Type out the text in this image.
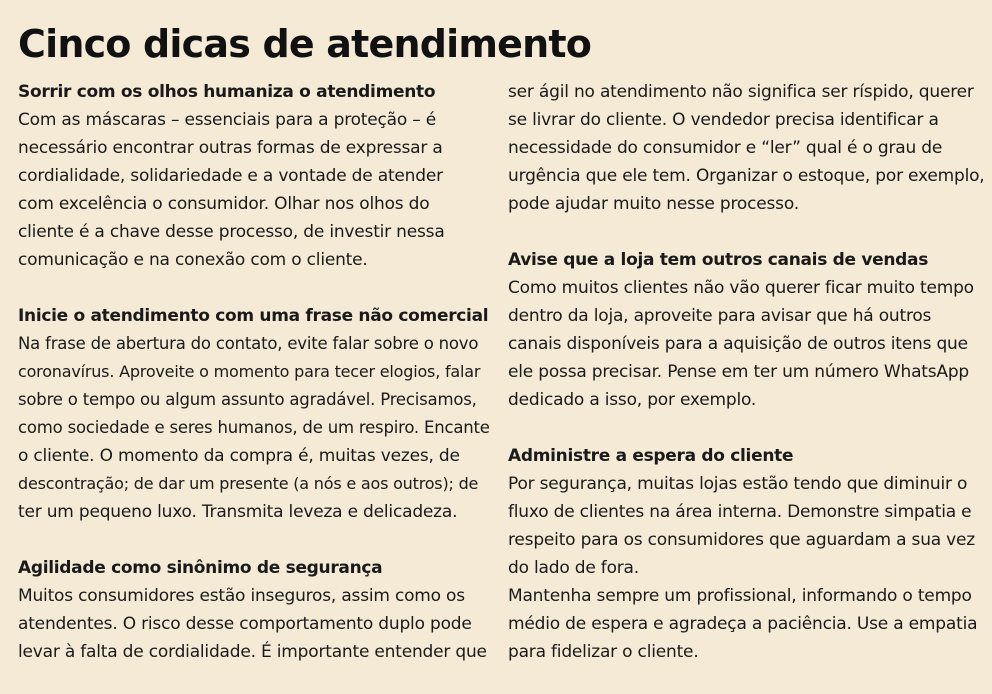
Cinco dicas de atendimento
Sorrir com os olhos humaniza o atendimento

Com as máscaras – essenciais para a proteção – é
necessário encontrar outras formas de expressar a
cordialidade, solidariedade e a vontade de atender
com excelência o consumidor. Olhar nos olhos do
cliente é a chave desse processo, de investir nessa
comunicação e na conexão com o cliente.

Inicie o atendimento com uma frase não comercial

Na frase de abertura do contato, evite falar sobre o novo
coronavírus. Aproveite o momento para tecer elogios, falar
sobre o tempo ou algum assunto agradável. Precisamos,
como sociedade e seres humanos, de um respiro. Encante
o cliente. O momento da compra é, muitas vezes, de
descontração; de dar um presente (a nós e aos outros); de
ter um pequeno luxo. Transmita leveza e delicadeza.

Agilidade como sinônimo de segurança

Muitos consumidores estão inseguros, assim como os
atendentes. O risco desse comportamento duplo pode
levar à falta de cordialidade. É importante entender que

ser ágil no atendimento não significa ser ríspido, querer
se livrar do cliente. O vendedor precisa identificar a
necessidade do consumidor e “ler” qual é o grau de
urgência que ele tem. Organizar o estoque, por exemplo,
pode ajudar muito nesse processo.

Avise que a loja tem outros canais de vendas

Como muitos clientes não vão querer ficar muito tempo
dentro da loja, aproveite para avisar que há outros
canais disponíveis para a aquisição de outros itens que
ele possa precisar. Pense em ter um número WhatsApp
dedicado a isso, por exemplo.

Administre a espera do cliente

Por segurança, muitas lojas estão tendo que diminuir o
fluxo de clientes na área interna. Demonstre simpatia e
respeito para os consumidores que aguardam a sua vez
do lado de fora.
Mantenha sempre um profissional, informando o tempo
médio de espera e agradeça a paciência. Use a empatia
para fidelizar o cliente.
